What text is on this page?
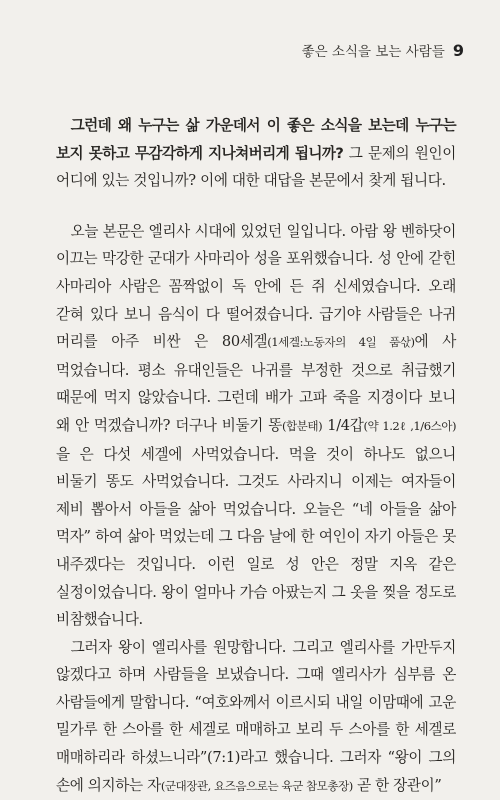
좋은 소식을 보는 사람들 9

그런데 왜 누구는 삶 가운데서 이 좋은 소식을 보는데 누구는 보지 못하고 무감각하게 지나쳐버리게 됩니까? 그 문제의 원인이 어디에 있는 것입니까? 이에 대한 대답을 본문에서 찾게 됩니다.

오늘 본문은 엘리사 시대에 있었던 일입니다. 아람 왕 벤하닷이 이끄는 막강한 군대가 사마리아 성을 포위했습니다. 성 안에 갇힌 사마리아 사람은 꼼짝없이 독 안에 든 쥐 신세였습니다. 오래 갇혀 있다 보니 음식이 다 떨어졌습니다. 급기야 사람들은 나귀 머리를 아주 비싼 은 80세겔(1세겔:노동자의 4일 품삯)에 사 먹었습니다. 평소 유대인들은 나귀를 부정한 것으로 취급했기 때문에 먹지 않았습니다. 그런데 배가 고파 죽을 지경이다 보니 왜 안 먹겠습니까? 더구나 비둘기 똥(합분태) 1/4갑(약 1.2ℓ ,1/6스아)을 은 다섯 세겔에 사먹었습니다. 먹을 것이 하나도 없으니 비둘기 똥도 사먹었습니다. 그것도 사라지니 이제는 여자들이 제비 뽑아서 아들을 삶아 먹었습니다. 오늘은 “네 아들을 삶아 먹자” 하여 삶아 먹었는데 그 다음 날에 한 여인이 자기 아들은 못 내주겠다는 것입니다. 이런 일로 성 안은 정말 지옥 같은 실정이었습니다. 왕이 얼마나 가슴 아팠는지 그 옷을 찢을 정도로 비참했습니다.

그러자 왕이 엘리사를 원망합니다. 그리고 엘리사를 가만두지 않겠다고 하며 사람들을 보냈습니다. 그때 엘리사가 심부름 온 사람들에게 말합니다. “여호와께서 이르시되 내일 이맘때에 고운 밀가루 한 스아를 한 세겔로 매매하고 보리 두 스아를 한 세겔로 매매하리라 하셨느니라”(7:1)라고 했습니다. 그러자 “왕이 그의 손에 의지하는 자(군대장관, 요즈음으로는 육군 참모총장) 곧 한 장관이”
